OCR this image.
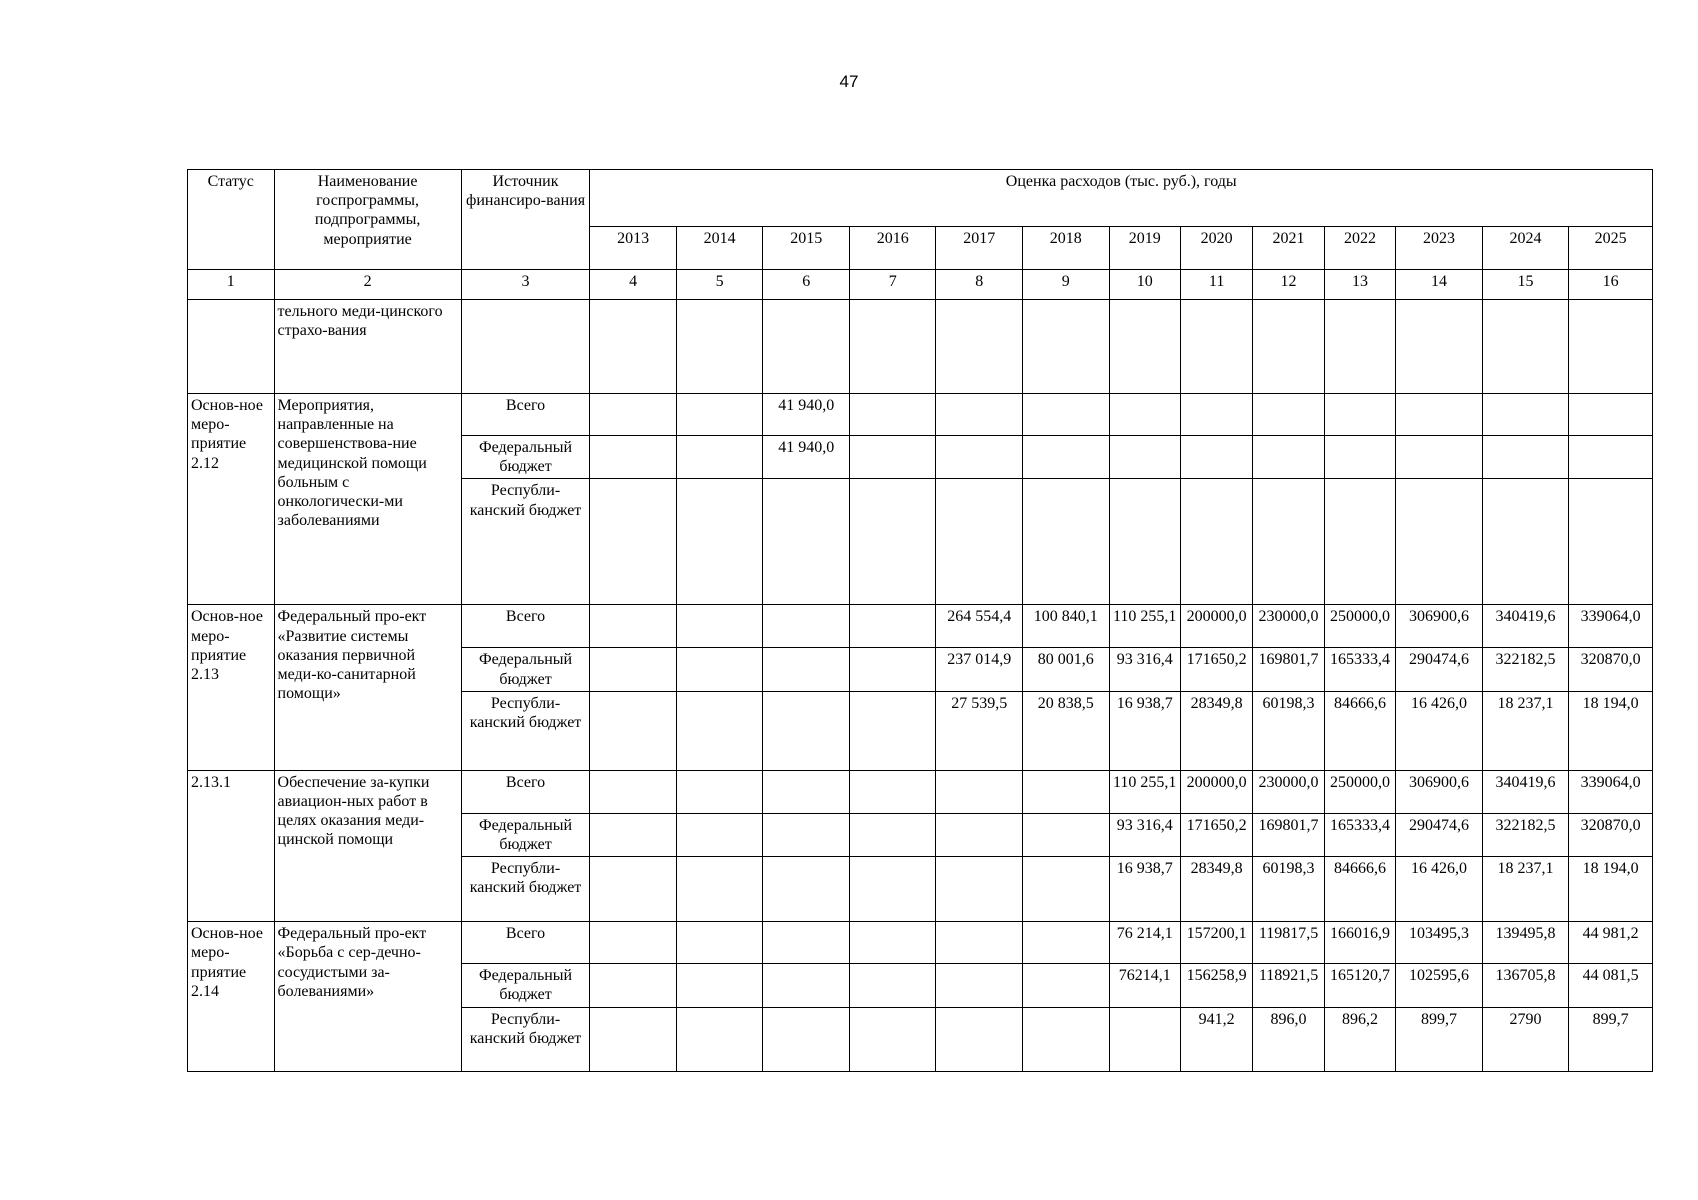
47
Статус	Наименование госпрограммы, подпрограммы, мероприятие	Источник финансиро-вания	Оценка расходов (тыс. руб.), годы												
			2013	2014	2015	2016	2017	2018	2019	2020	2021	2022	2023	2024	2025
1	2	3	4	5	6	7	8	9	10	11	12	13	14	15	16
	тельного меди-цинского страхо-вания														
Основ-ное меро-приятие 2.12	Мероприятия, направленные на совершенствова-ние медицинской помощи больным с онкологически-ми заболеваниями	Всего			41 940,0										
		Федеральный бюджет			41 940,0										
		Республи-канский бюджет													
Основ-ное меро-приятие 2.13	Федеральный про-ект «Развитие системы оказания первичной меди-ко-санитарной помощи»	Всего					264 554,4	100 840,1	110 255,1	200000,0	230000,0	250000,0	306900,6	340419,6	339064,0
		Федеральный бюджет					237 014,9	80 001,6	93 316,4	171650,2	169801,7	165333,4	290474,6	322182,5	320870,0
		Республи-канский бюджет					27 539,5	20 838,5	16 938,7	28349,8	60198,3	84666,6	16 426,0	18 237,1	18 194,0
2.13.1	Обеспечение за-купки авиацион-ных работ в целях оказания меди-цинской помощи	Всего							110 255,1	200000,0	230000,0	250000,0	306900,6	340419,6	339064,0
		Федеральный бюджет							93 316,4	171650,2	169801,7	165333,4	290474,6	322182,5	320870,0
		Республи-канский бюджет							16 938,7	28349,8	60198,3	84666,6	16 426,0	18 237,1	18 194,0
Основ-ное меро-приятие 2.14	Федеральный про-ект «Борьба с сер-дечно-сосудистыми за-болеваниями»	Всего							76 214,1	157200,1	119817,5	166016,9	103495,3	139495,8	44 981,2
		Федеральный бюджет							76214,1	156258,9	118921,5	165120,7	102595,6	136705,8	44 081,5
		Республи-канский бюджет								941,2	896,0	896,2	899,7	2790	899,7
